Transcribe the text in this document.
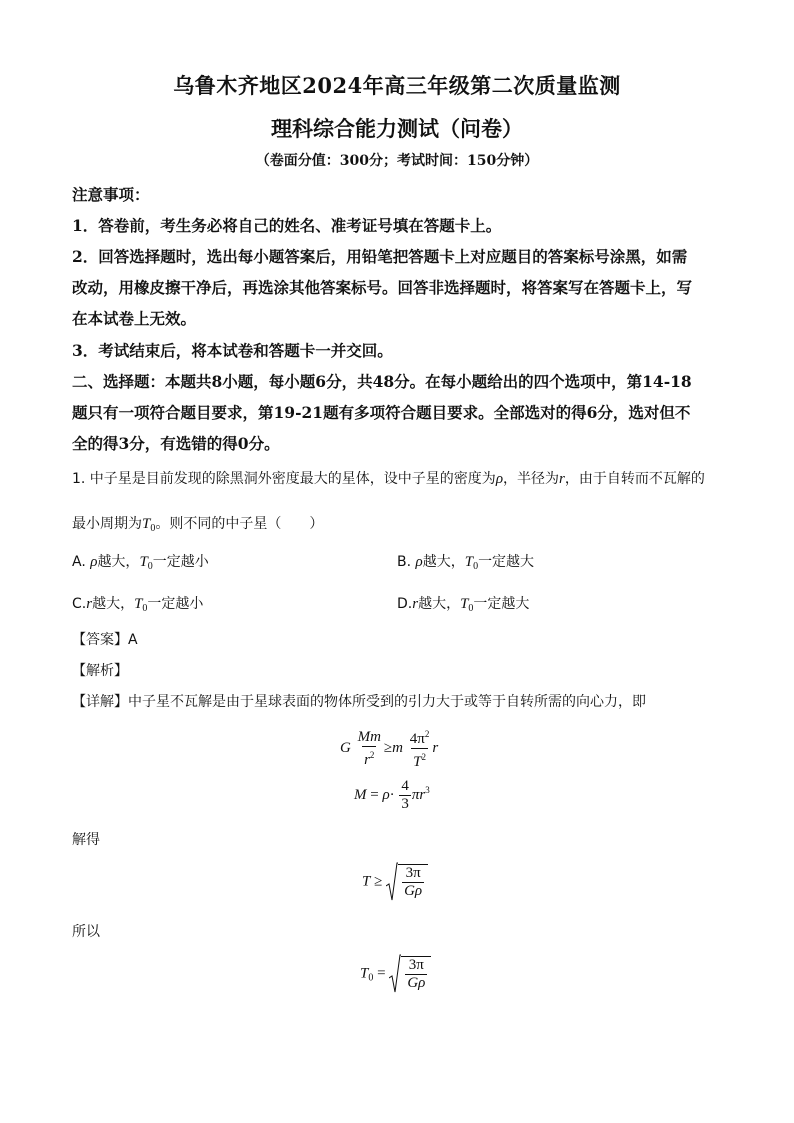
乌鲁木齐地区2024年高三年级第二次质量监测
理科综合能力测试（问卷）
（卷面分值：300分；考试时间：150分钟）
注意事项：
1．答卷前，考生务必将自己的姓名、准考证号填在答题卡上。
2．回答选择题时，选出每小题答案后，用铅笔把答题卡上对应题目的答案标号涂黑，如需
改动，用橡皮擦干净后，再选涂其他答案标号。回答非选择题时，将答案写在答题卡上，写
在本试卷上无效。
3．考试结束后，将本试卷和答题卡一并交回。
二、选择题：本题共8小题，每小题6分，共48分。在每小题给出的四个选项中，第14-18
题只有一项符合题目要求，第19-21题有多项符合题目要求。全部选对的得6分，选对但不
全的得3分，有选错的得0分。
1. 中子星是目前发现的除黑洞外密度最大的星体，设中子星的密度为ρ，半径为r，由于自转而不瓦解的
最小周期为$T_0$。则不同的中子星（　　）
A. ρ越大，$T_0$一定越小	B. ρ越大，$T_0$一定越大
C.r越大，$T_0$一定越小	D.r越大，$T_0$一定越大
【答案】A
【解析】
【详解】中子星不瓦解是由于星球表面的物体所受到的引力大于或等于自转所需的向心力，即
G $\frac{Mm}{r^2} \ge m \frac{4\pi^2}{T^2}$ r
$M = \rho\cdot \frac{4}{3} \pi r^3$
解得
$T \ge \frac{3\pi}{G\rho}$
所以
$T_0 = \frac{3\pi}{G\rho}$
